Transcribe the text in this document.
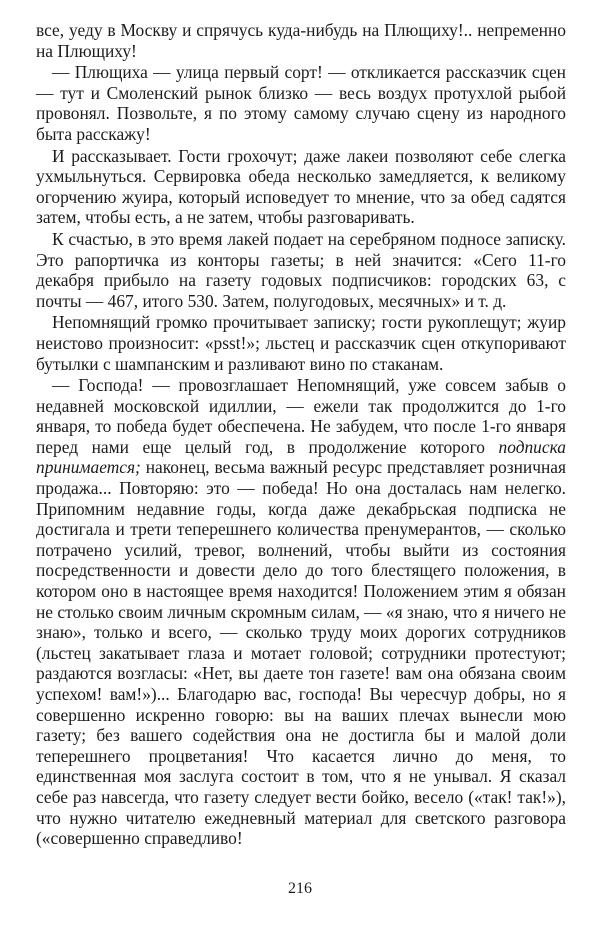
все, уеду в Москву и спрячусь куда-нибудь на Плющиху!.. непременно на Плющиху!

— Плющиха — улица первый сорт! — откликается рассказчик сцен — тут и Смоленский рынок близко — весь воздух протухлой рыбой провонял. Позвольте, я по этому самому случаю сцену из народного быта расскажу!

И рассказывает. Гости грохочут; даже лакеи позволяют себе слегка ухмыльнуться. Сервировка обеда несколько замедляется, к великому огорчению жуира, который исповедует то мнение, что за обед садятся затем, чтобы есть, а не затем, чтобы разговаривать.

К счастью, в это время лакей подает на серебряном подносе записку. Это рапортичка из конторы газеты; в ней значится: «Сего 11-го декабря прибыло на газету годовых подписчиков: городских 63, с почты — 467, итого 530. Затем, полугодовых, месячных» и т. д.

Непомнящий громко прочитывает записку; гости рукоплещут; жуир неистово произносит: «psst!»; льстец и рассказчик сцен откупоривают бутылки с шампанским и разливают вино по стаканам.

— Господа! — провозглашает Непомнящий, уже совсем забыв о недавней московской идиллии, — ежели так продолжится до 1-го января, то победа будет обеспечена. Не забудем, что после 1-го января перед нами еще целый год, в продолжение которого подписка принимается; наконец, весьма важный ресурс представляет розничная продажа... Повторяю: это — победа! Но она досталась нам нелегко. Припомним недавние годы, когда даже декабрьская подписка не достигала и трети теперешнего количества пренумерантов, — сколько потрачено усилий, тревог, волнений, чтобы выйти из состояния посредственности и довести дело до того блестящего положения, в котором оно в настоящее время находится! Положением этим я обязан не столько своим личным скромным силам, — «я знаю, что я ничего не знаю», только и всего, — сколько труду моих дорогих сотрудников (льстец закатывает глаза и мотает головой; сотрудники протестуют; раздаются возгласы: «Нет, вы даете тон газете! вам она обязана своим успехом! вам!»)... Благодарю вас, господа! Вы чересчур добры, но я совершенно искренно говорю: вы на ваших плечах вынесли мою газету; без вашего содействия она не достигла бы и малой доли теперешнего процветания! Что касается лично до меня, то единственная моя заслуга состоит в том, что я не унывал. Я сказал себе раз навсегда, что газету следует вести бойко, весело («так! так!»), что нужно читателю ежедневный материал для светского разговора («совершенно справедливо!

216
